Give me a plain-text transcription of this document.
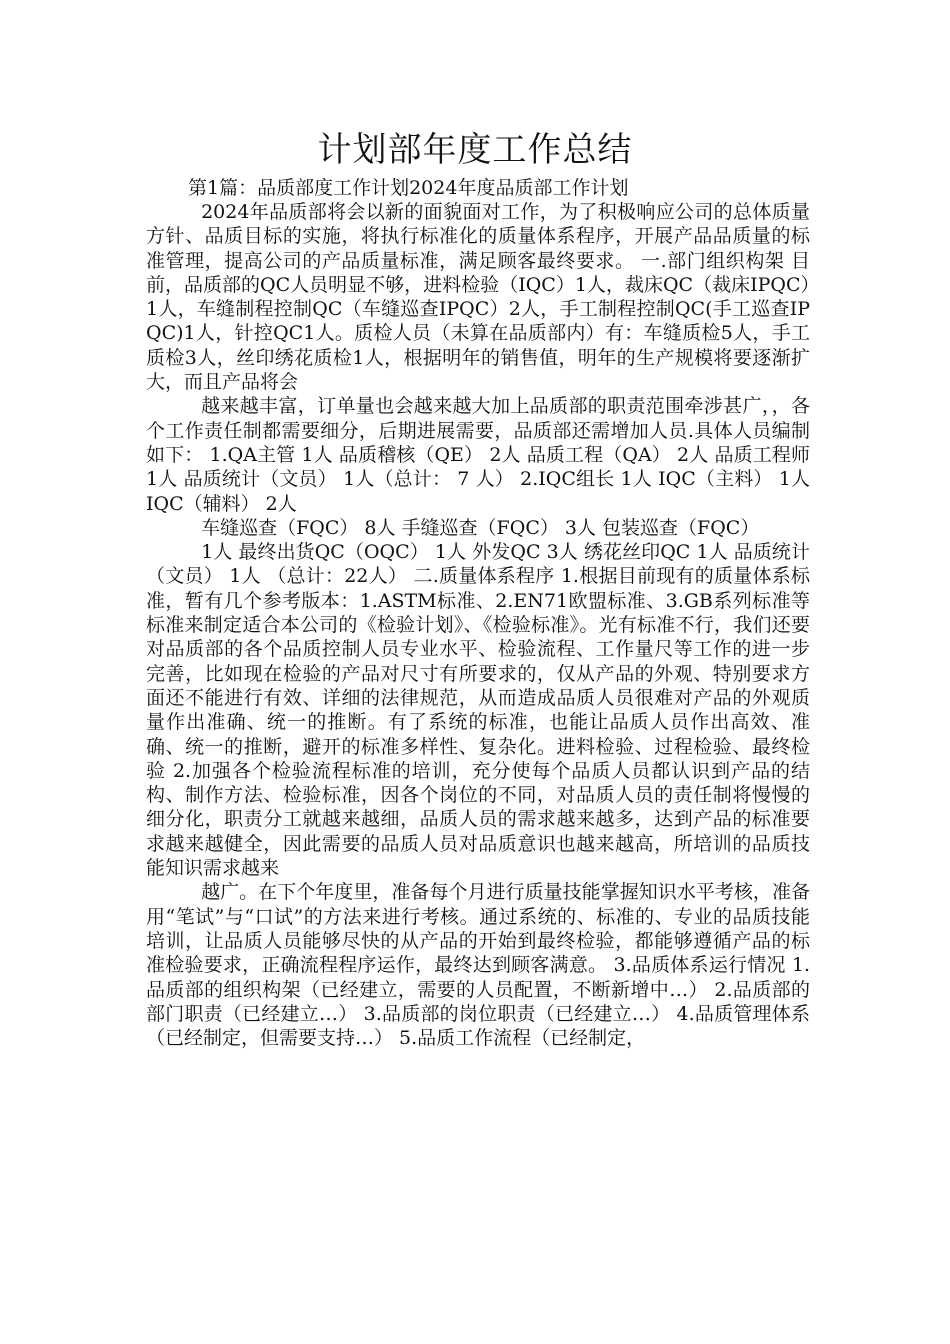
计划部年度工作总结
第1篇：品质部度工作计划2024年度品质部工作计划

2024年品质部将会以新的面貌面对工作，为了积极响应公司的总体质量方针、品质目标的实施，将执行标准化的质量体系程序，开展产品品质量的标准管理，提高公司的产品质量标准，满足顾客最终要求。 一.部门组织构架 目前，品质部的QC人员明显不够，进料检验（IQC）1人，裁床QC（裁床IPQC）1人，车缝制程控制QC（车缝巡查IPQC）2人，手工制程控制QC(手工巡查IPQC)1人，针控QC1人。质检人员（未算在品质部内）有：车缝质检5人，手工质检3人，丝印绣花质检1人，根据明年的销售值，明年的生产规模将要逐渐扩大，而且产品将会

越来越丰富，订单量也会越来越大加上品质部的职责范围牵涉甚广，，各个工作责任制都需要细分，后期进展需要，品质部还需增加人员.具体人员编制如下： 1.QA主管 1人 品质稽核（QE） 2人 品质工程（QA） 2人 品质工程师 1人 品质统计（文员） 1人（总计： 7 人） 2.IQC组长 1人 IQC（主料） 1人 IQC（辅料） 2人

车缝巡查（FQC） 8人 手缝巡查（FQC） 3人 包装巡查（FQC）

1人 最终出货QC（OQC） 1人 外发QC 3人 绣花丝印QC 1人 品质统计（文员） 1人 （总计：22人） 二.质量体系程序 1.根据目前现有的质量体系标准，暂有几个参考版本：1.ASTM标准、2.EN71欧盟标准、3.GB系列标准等标准来制定适合本公司的《检验计划》、《检验标准》。光有标准不行，我们还要对品质部的各个品质控制人员专业水平、检验流程、工作量尺等工作的进一步完善，比如现在检验的产品对尺寸有所要求的，仅从产品的外观、特别要求方面还不能进行有效、详细的法律规范，从而造成品质人员很难对产品的外观质量作出准确、统一的推断。有了系统的标准，也能让品质人员作出高效、准确、统一的推断，避开的标准多样性、复杂化。进料检验、过程检验、最终检验 2.加强各个检验流程标准的培训，充分使每个品质人员都认识到产品的结构、制作方法、检验标准，因各个岗位的不同，对品质人员的责任制将慢慢的细分化，职责分工就越来越细，品质人员的需求越来越多，达到产品的标准要求越来越健全，因此需要的品质人员对品质意识也越来越高，所培训的品质技能知识需求越来

越广。在下个年度里，准备每个月进行质量技能掌握知识水平考核，准备用“笔试”与“口试”的方法来进行考核。通过系统的、标准的、专业的品质技能培训，让品质人员能够尽快的从产品的开始到最终检验，都能够遵循产品的标准检验要求，正确流程程序运作，最终达到顾客满意。 3.品质体系运行情况 1.品质部的组织构架（已经建立，需要的人员配置，不断新增中…） 2.品质部的部门职责（已经建立…） 3.品质部的岗位职责（已经建立…） 4.品质管理体系（已经制定，但需要支持…） 5.品质工作流程（已经制定，
